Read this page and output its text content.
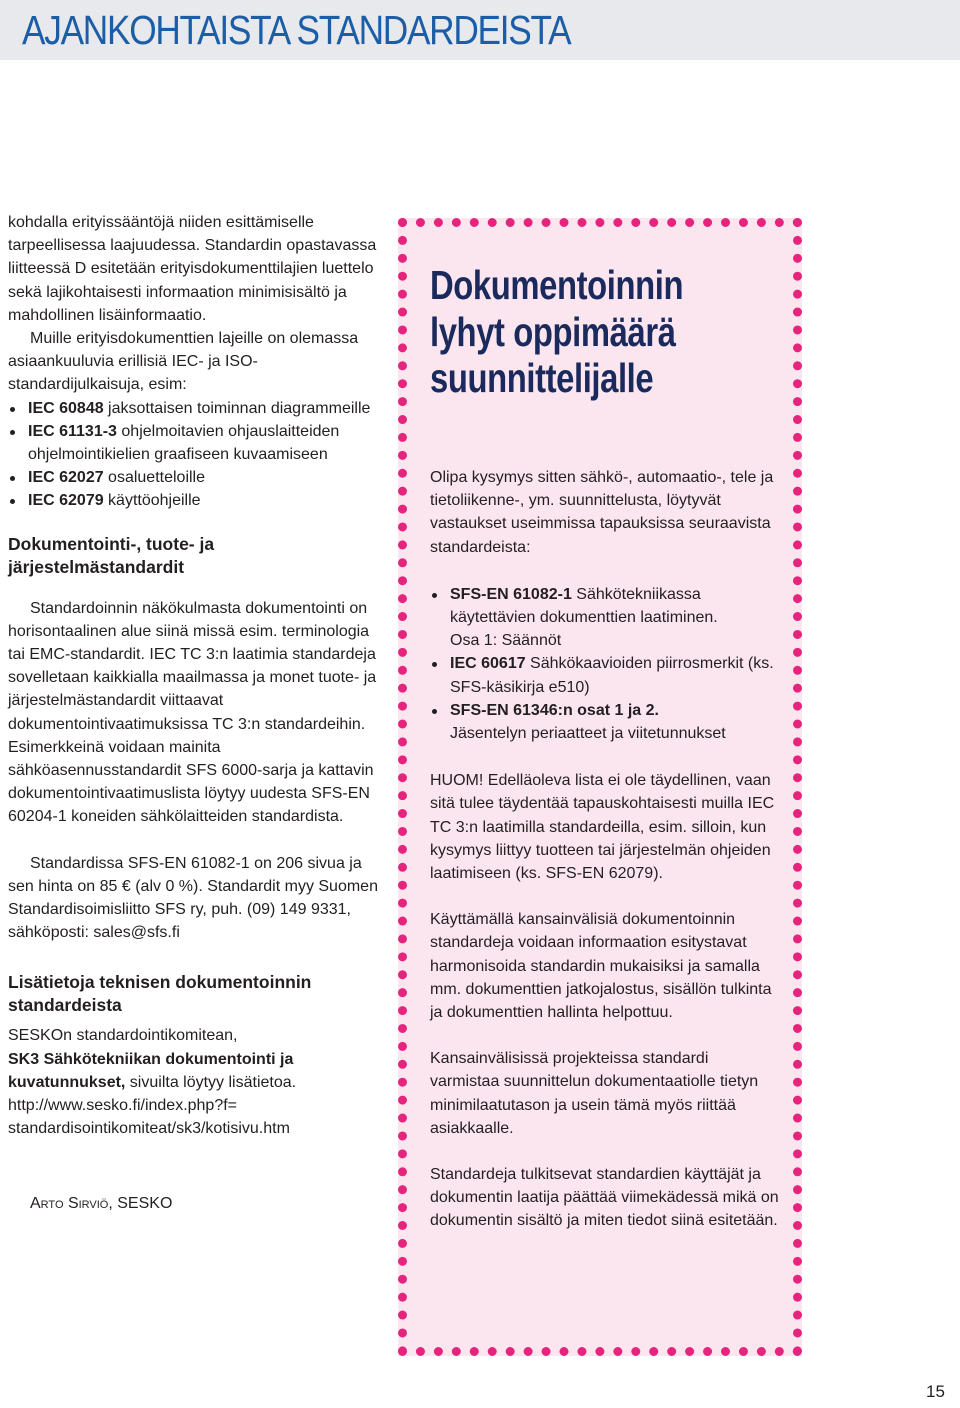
AJANKOHTAISTA STANDARDEISTA

kohdalla erityissääntöjä niiden esittämiselle tarpeellisessa laajuudessa. Standardin opastavassa liitteessä D esitetään erityisdokumenttilajien luettelo sekä lajikohtaisesti informaation minimisisältö ja mahdollinen lisäinformaatio.

Muille erityisdokumenttien lajeille on olemassa asiaankuuluvia erillisiä IEC- ja ISO-standardijulkaisuja, esim:

IEC 60848 jaksottaisen toiminnan diagrammeille
IEC 61131-3 ohjelmoitavien ohjauslaitteiden ohjelmointikielien graafiseen kuvaamiseen
IEC 62027 osaluetteloille
IEC 62079 käyttöohjeille
Dokumentointi-, tuote- ja järjestelmästandardit

Standardoinnin näkökulmasta dokumentointi on horisontaalinen alue siinä missä esim. terminologia tai EMC-standardit. IEC TC 3:n laatimia standardeja sovelletaan kaikkialla maailmassa ja monet tuote- ja järjestelmästandardit viittaavat dokumentointivaatimuksissa TC 3:n standardeihin. Esimerkkeinä voidaan mainita sähköasennusstandardit SFS 6000-sarja ja kattavin dokumentointivaatimuslista löytyy uudesta SFS-EN 60204-1 koneiden sähkölaitteiden standardista.

Standardissa SFS-EN 61082-1 on 206 sivua ja sen hinta on 85 € (alv 0 %). Standardit myy Suomen Standardisoimisliitto SFS ry, puh. (09) 149 9331, sähköposti: sales@sfs.fi

Lisätietoja teknisen dokumentoinnin standardeista

SESKOn standardointikomitean,
SK3 Sähkötekniikan dokumentointi ja kuvatunnukset, sivuilta löytyy lisätietoa.
http://www.sesko.fi/index.php?f=
standardisointikomiteat/sk3/kotisivu.htm

Arto Sirviö, SESKO

Dokumentoinnin
lyhyt oppimäärä
suunnittelijalle

Olipa kysymys sitten sähkö-, automaatio-, tele ja tietoliikenne-, ym. suunnittelusta, löytyvät vastaukset useimmissa tapauksissa seuraavista standardeista:

SFS-EN 61082-1 Sähkötekniikassa käytettävien dokumenttien laatiminen.
Osa 1: Säännöt
IEC 60617 Sähkökaavioiden piirrosmerkit (ks. SFS-käsikirja e510)
SFS-EN 61346:n osat 1 ja 2.
Jäsentelyn periaatteet ja viitetunnukset

HUOM! Edelläoleva lista ei ole täydellinen, vaan sitä tulee täydentää tapauskohtaisesti muilla IEC TC 3:n laatimilla standardeilla, esim. silloin, kun kysymys liittyy tuotteen tai järjestelmän ohjeiden laatimiseen (ks. SFS-EN 62079).

Käyttämällä kansainvälisiä dokumentoinnin standardeja voidaan informaation esitystavat harmonisoida standardin mukaisiksi ja samalla mm. dokumenttien jatkojalostus, sisällön tulkinta ja dokumenttien hallinta helpottuu.

Kansainvälisissä projekteissa standardi varmistaa suunnittelun dokumentaatiolle tietyn minimilaatutason ja usein tämä myös riittää asiakkaalle.

Standardeja tulkitsevat standardien käyttäjät ja dokumentin laatija päättää viimekädessä mikä on dokumentin sisältö ja miten tiedot siinä esitetään.

15
